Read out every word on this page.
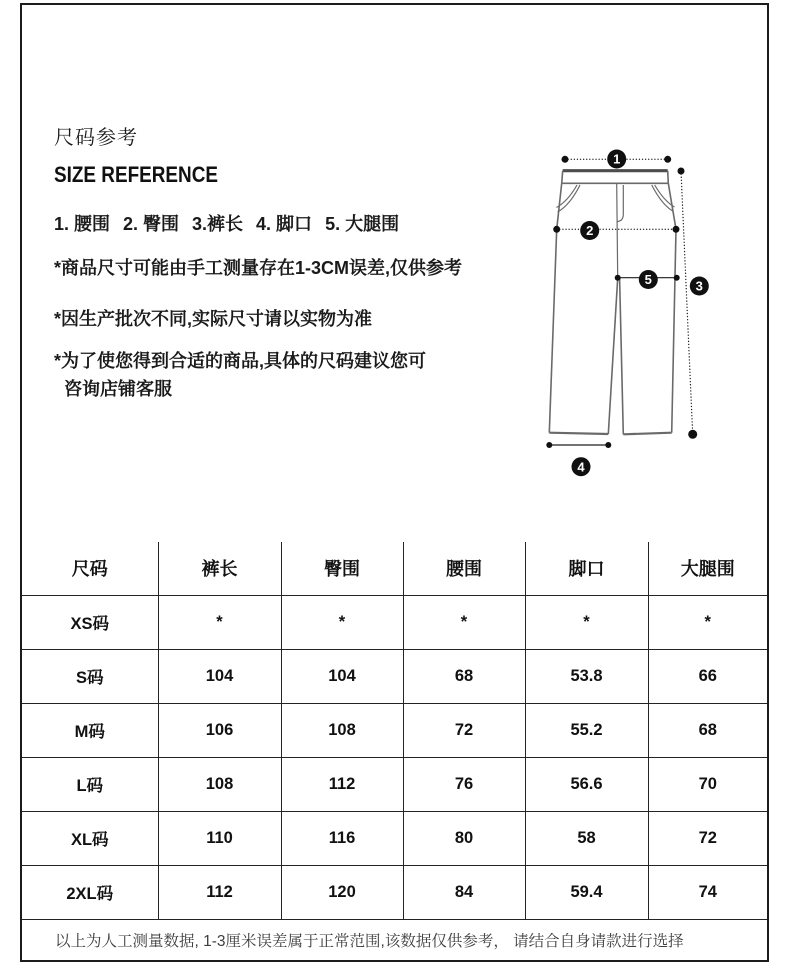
尺码参考
SIZE REFERENCE
1. 腰围 2. 臀围 3.裤长 4. 脚口 5. 大腿围
*商品尺寸可能由手工测量存在1-3CM误差,仅供参考
*因生产批次不同,实际尺寸请以实物为准
*为了使您得到合适的商品,具体的尺码建议您可
咨询店铺客服
1
2
3
4
5
尺码	裤长	臀围	腰围	脚口	大腿围
XS码	*	*	*	*	*
S码	104	104	68	53.8	66
M码	106	108	72	55.2	68
L码	108	112	76	56.6	70
XL码	110	116	80	58	72
2XL码	112	120	84	59.4	74
以上为人工测量数据, 1-3厘米误差属于正常范围,该数据仅供参考， 请结合自身请款进行选择					
